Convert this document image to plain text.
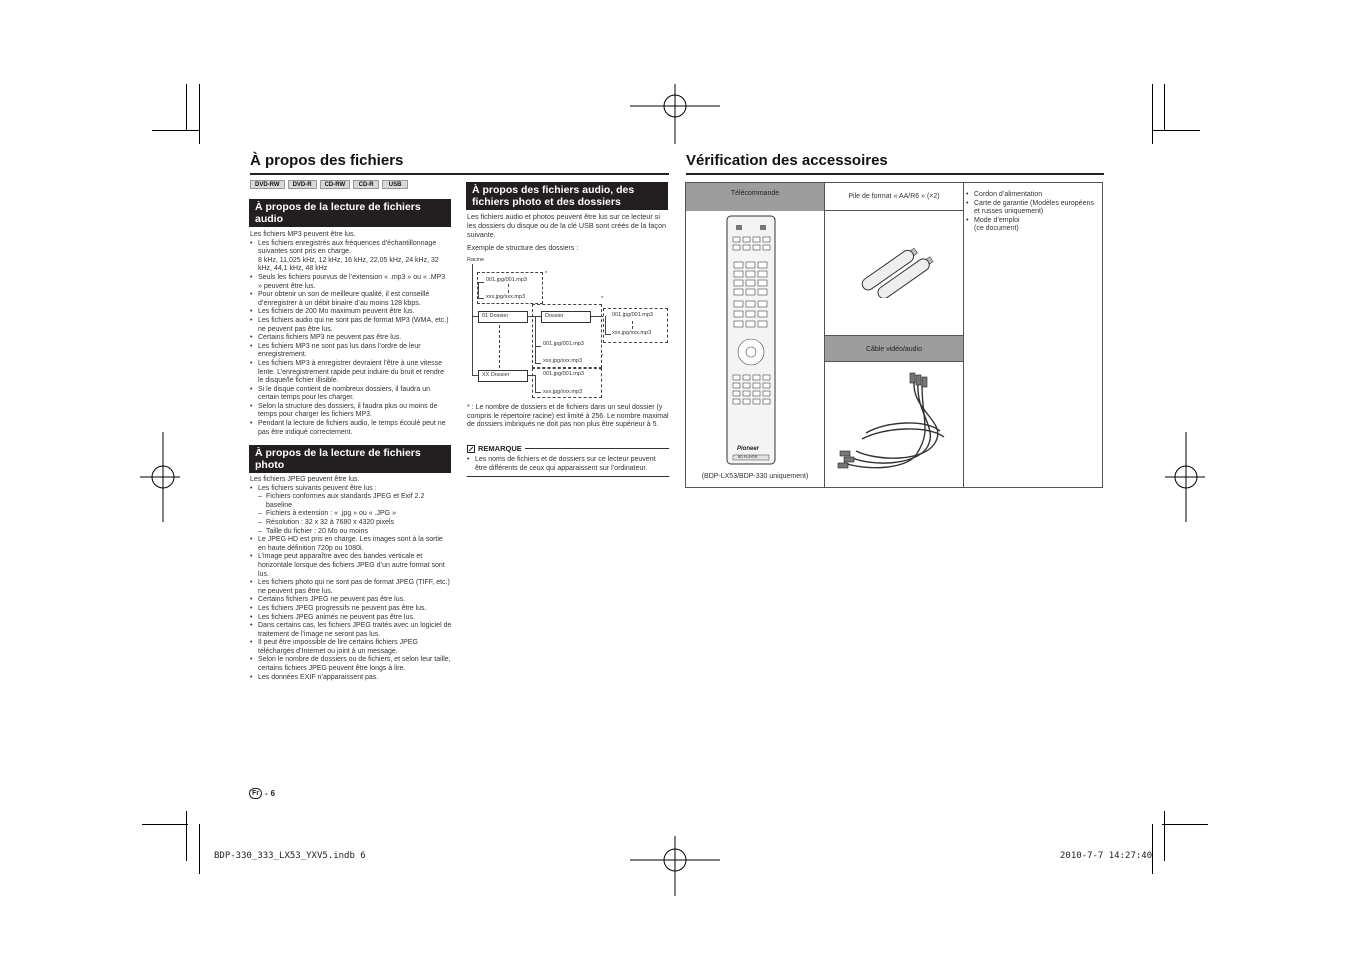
À propos des fichiers
DVD-RW	DVD-R	CD-RW	CD-R	USB
À propos de la lecture de fichiers audio
Les fichiers MP3 peuvent être lus.
• Les fichiers enregistrés aux fréquences d’échantillonnage suivantes sont pris en charge.
8 kHz, 11,025 kHz, 12 kHz, 16 kHz, 22,05 kHz, 24 kHz, 32 kHz, 44,1 kHz, 48 kHz
• Seuls les fichiers pourvus de l’extension « .mp3 » ou « .MP3 » peuvent être lus.
• Pour obtenir un son de meilleure qualité, il est conseillé d’enregistrer à un débit binaire d’au moins 128 kbps.
• Les fichiers de 200 Mo maximum peuvent être lus.
• Les fichiers audio qui ne sont pas de format MP3 (WMA, etc.) ne peuvent pas être lus.
• Certains fichiers MP3 ne peuvent pas être lus.
• Les fichiers MP3 ne sont pas lus dans l’ordre de leur enregistrement.
• Les fichiers MP3 à enregistrer devraient l’être à une vitesse lente. L’enregistrement rapide peut induire du bruit et rendre le disque/le fichier illisible.
• Si le disque contient de nombreux dossiers, il faudra un certain temps pour les charger.
• Selon la structure des dossiers, il faudra plus ou moins de temps pour charger les fichiers MP3.
• Pendant la lecture de fichiers audio, le temps écoulé peut ne pas être indiqué correctement.
À propos de la lecture de fichiers photo
Les fichiers JPEG peuvent être lus.
• Les fichiers suivants peuvent être lus :
– Fichiers conformes aux standards JPEG et Exif 2.2 baseline
– Fichiers à extension : « .jpg » ou « .JPG »
– Résolution : 32 x 32 à 7680 x 4320 pixels
– Taille du fichier : 20 Mo ou moins
• Le JPEG HD est pris en charge. Les images sont à la sortie en haute définition 720p ou 1080i.
• L’image peut apparaître avec des bandes verticale et horizontale lorsque des fichiers JPEG d’un autre format sont lus.
• Les fichiers photo qui ne sont pas de format JPEG (TIFF, etc.) ne peuvent pas être lus.
• Certains fichiers JPEG ne peuvent pas être lus.
• Les fichiers JPEG progressifs ne peuvent pas être lus.
• Les fichiers JPEG animés ne peuvent pas être lus.
• Dans certains cas, les fichiers JPEG traités avec un logiciel de traitement de l’image ne seront pas lus.
• Il peut être impossible de lire certains fichiers JPEG téléchargés d’Internet ou joint à un message.
• Selon le nombre de dossiers ou de fichiers, et selon leur taille, certains fichiers JPEG peuvent être longs à lire.
• Les données EXIF n’apparaissent pas.
Fr - 6
À propos des fichiers audio, des fichiers photo et des dossiers
Les fichiers audio et photos peuvent être lus sur ce lecteur si les dossiers du disque ou de la clé USB sont créés de la façon suivante.
Exemple de structure des dossiers :
Racine
001.jpg/001.mp3
xxx.jpg/xxx.mp3
*
01 Dossier
XX Dossier
*
Dossier
001.jpg/001.mp3
xxx.jpg/xxx.mp3
*
001.jpg/001.mp3
xxx.jpg/xxx.mp3
001.jpg/001.mp3
xxx.jpg/xxx.mp3
*
* : Le nombre de dossiers et de fichiers dans un seul dossier (y compris le répertoire racine) est limité à 256. Le nombre maximal de dossiers imbriqués ne doit pas non plus être supérieur à 5.
REMARQUE
• Les noms de fichiers et de dossiers sur ce lecteur peuvent être différents de ceux qui apparaissent sur l’ordinateur.
Vérification des accessoires
Télécommande
Pioneer
BD PLAYER
(BDP-LX53/BDP-330 uniquement)
Pile de format « AA/R6 » (×2)
Câble vidéo/audio
• Cordon d’alimentation
• Carte de garantie (Modèles européens et russes uniquement)
• Mode d’emploi
(ce document)
BDP-330_333_LX53_YXV5.indb 6	2010-7-7 14:27:40
